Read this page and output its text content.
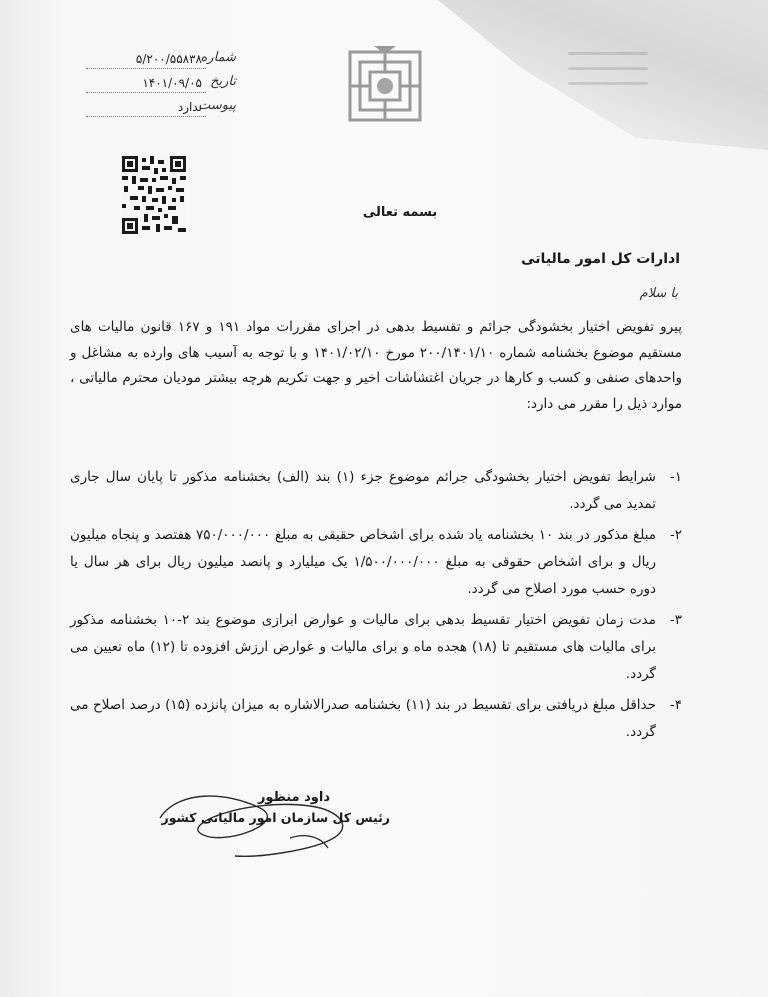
شماره
۵/۲۰۰/۵۵۸۳۸
تاریخ
۱۴۰۱/۰۹/۰۵
پیوست
ندارد
بسمه تعالی
ادارات کل امور مالیاتی
با سلام
پیرو تفویض اختیار بخشودگی جرائم و تقسیط بدهی در اجرای مقررات مواد ۱۹۱ و ۱۶۷ قانون مالیات های مستقیم موضوع بخشنامه شماره ۲۰۰/۱۴۰۱/۱۰ مورخ ۱۴۰۱/۰۲/۱۰ و با توجه به آسیب های وارده به مشاغل و واحدهای صنفی و کسب و کارها در جریان اغتشاشات اخیر و جهت تکریم هرچه بیشتر مودیان محترم مالیاتی ، موارد ذیل را مقرر می دارد:
۱-
شرایط تفویض اختیار بخشودگی جرائم موضوع جزء (۱) بند (الف) بخشنامه مذکور تا پایان سال جاری تمدید می گردد.
۲-
مبلغ مذکور در بند ۱۰ بخشنامه یاد شده برای اشخاص حقیقی به مبلغ ۷۵۰/۰۰۰/۰۰۰ هفتصد و پنجاه میلیون ریال و برای اشخاص حقوقی به مبلغ ۱/۵۰۰/۰۰۰/۰۰۰ یک میلیارد و پانصد میلیون ریال برای هر سال یا دوره حسب مورد اصلاح می گردد.
۳-
مدت زمان تفویض اختیار تقسیط بدهی برای مالیات و عوارض ابرازی موضوع بند ۲-۱۰ بخشنامه مذکور برای مالیات های مستقیم تا (۱۸) هجده ماه و برای مالیات و عوارض ارزش افزوده تا (۱۲) ماه تعیین می گردد.
۴-
حداقل مبلغ دریافتی برای تقسیط در بند (۱۱) بخشنامه صدرالاشاره به میزان پانزده (۱۵) درصد اصلاح می گردد.
داود منظور
رئیس کل سازمان امور مالیاتی کشور
